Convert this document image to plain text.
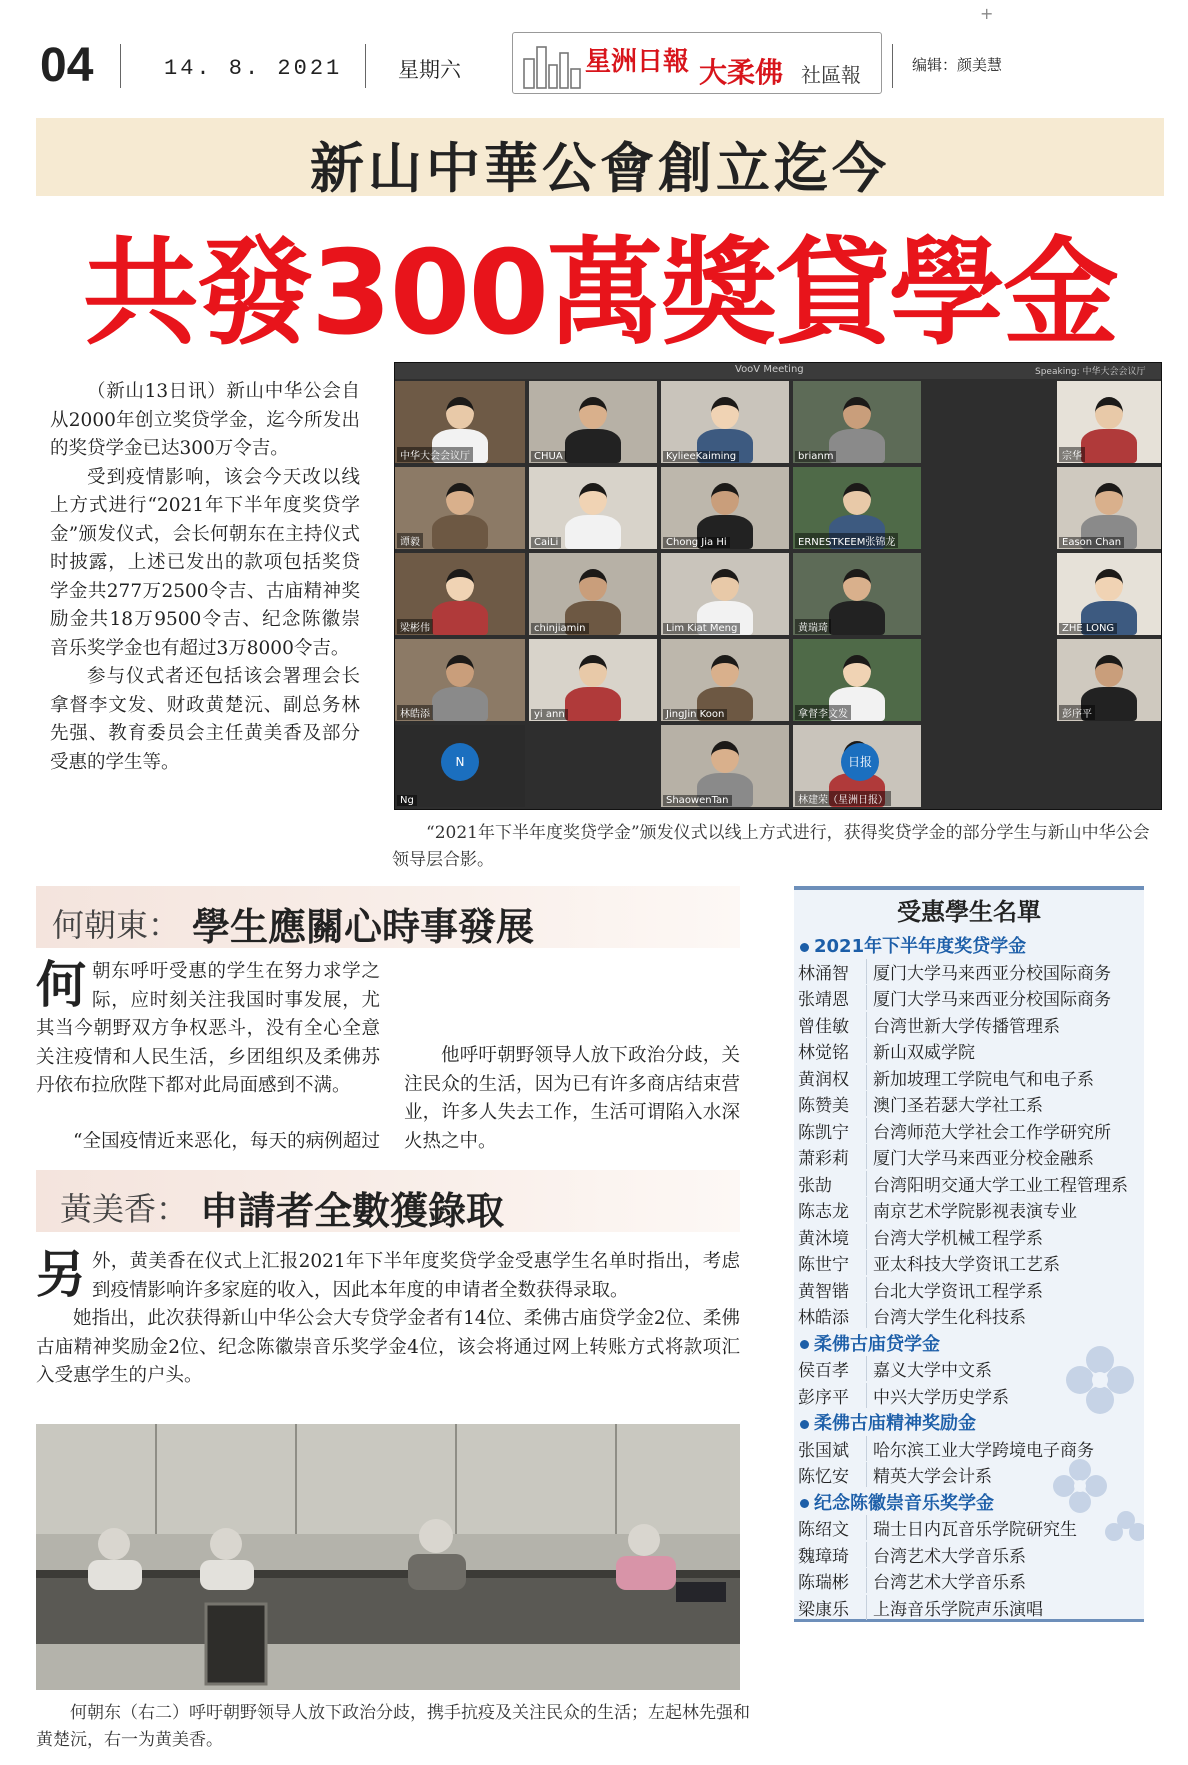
04	14. 8. 2021	星期六	星洲日報 大柔佛 社區報	编辑：颜美慧
+
新山中華公會創立迄今
共發300萬獎貸學金

（新山13日讯）新山中华公会自从2000年创立奖贷学金，迄今所发出的奖贷学金已达300万令吉。

受到疫情影响，该会今天改以线上方式进行“2021年下半年度奖贷学金”颁发仪式，会长何朝东在主持仪式时披露，上述已发出的款项包括奖贷学金共277万2500令吉、古庙精神奖励金共18万9500令吉、纪念陈徽崇音乐奖学金也有超过3万8000令吉。

参与仪式者还包括该会署理会长拿督李文发、财政黄楚沅、副总务林先强、教育委员会主任黄美香及部分受惠的学生等。

VooV Meeting	Speaking: 中华大会会议厅
中华大会会议厅	CHUA	KylieeKaiming	brianm	宗华
谭毅	CaiLi	Chong Jia Hi	ERNESTKEEM张锦龙	Eason Chan
梁彬伟	chinjiamin	Lim Kiat Meng	黄瑞琦	ZHE LONG
林皓添	yi ann	JingJin Koon	拿督李文发	彭序平
Ng	ShaowenTan	林建荣（星洲日报）
N	日报

“2021年下半年度奖贷学金”颁发仪式以线上方式进行，获得奖贷学金的部分学生与新山中华公会领导层合影。

何朝東： 學生應關心時事發展

何朝东呼吁受惠的学生在努力求学之际，应时刻关注我国时事发展，尤其当今朝野双方争权恶斗，没有全心全意关注疫情和人民生活，乡团组织及柔佛苏丹依布拉欣陛下都对此局面感到不满。

“全国疫情近来恶化，每天的病例超过

他呼吁朝野领导人放下政治分歧，关注民众的生活，因为已有许多商店结束营业，许多人失去工作，生活可谓陷入水深火热之中。

黃美香： 申請者全數獲錄取

另外，黄美香在仪式上汇报2021年下半年度奖贷学金受惠学生名单时指出，考虑到疫情影响许多家庭的收入，因此本年度的申请者全数获得录取。

她指出，此次获得新山中华公会大专贷学金者有14位、柔佛古庙贷学金2位、柔佛古庙精神奖励金2位、纪念陈徽崇音乐奖学金4位，该会将通过网上转账方式将款项汇入受惠学生的户头。

何朝东（右二）呼吁朝野领导人放下政治分歧，携手抗疫及关注民众的生活；左起林先强和黄楚沅，右一为黄美香。

受惠學生名單
2021年下半年度奖贷学金
林涌智 厦门大学马来西亚分校国际商务
张靖恩 厦门大学马来西亚分校国际商务
曾佳敏 台湾世新大学传播管理系
林觉铭 新山双威学院
黄润权 新加坡理工学院电气和电子系
陈赞美 澳门圣若瑟大学社工系
陈凯宁 台湾师范大学社会工作学研究所
萧彩莉 厦门大学马来西亚分校金融系
张劼 台湾阳明交通大学工业工程管理系
陈志龙 南京艺术学院影视表演专业
黄沐境 台湾大学机械工程学系
陈世宁 亚太科技大学资讯工艺系
黄智锴 台北大学资讯工程学系
林皓添 台湾大学生化科技系
柔佛古庙贷学金
侯百孝 嘉义大学中文系
彭序平 中兴大学历史学系
柔佛古庙精神奖励金
张国斌 哈尔滨工业大学跨境电子商务
陈忆安 精英大学会计系
纪念陈徽崇音乐奖学金
陈绍文 瑞士日内瓦音乐学院研究生
魏璋琦 台湾艺术大学音乐系
陈瑞彬 台湾艺术大学音乐系
梁康乐 上海音乐学院声乐演唱
